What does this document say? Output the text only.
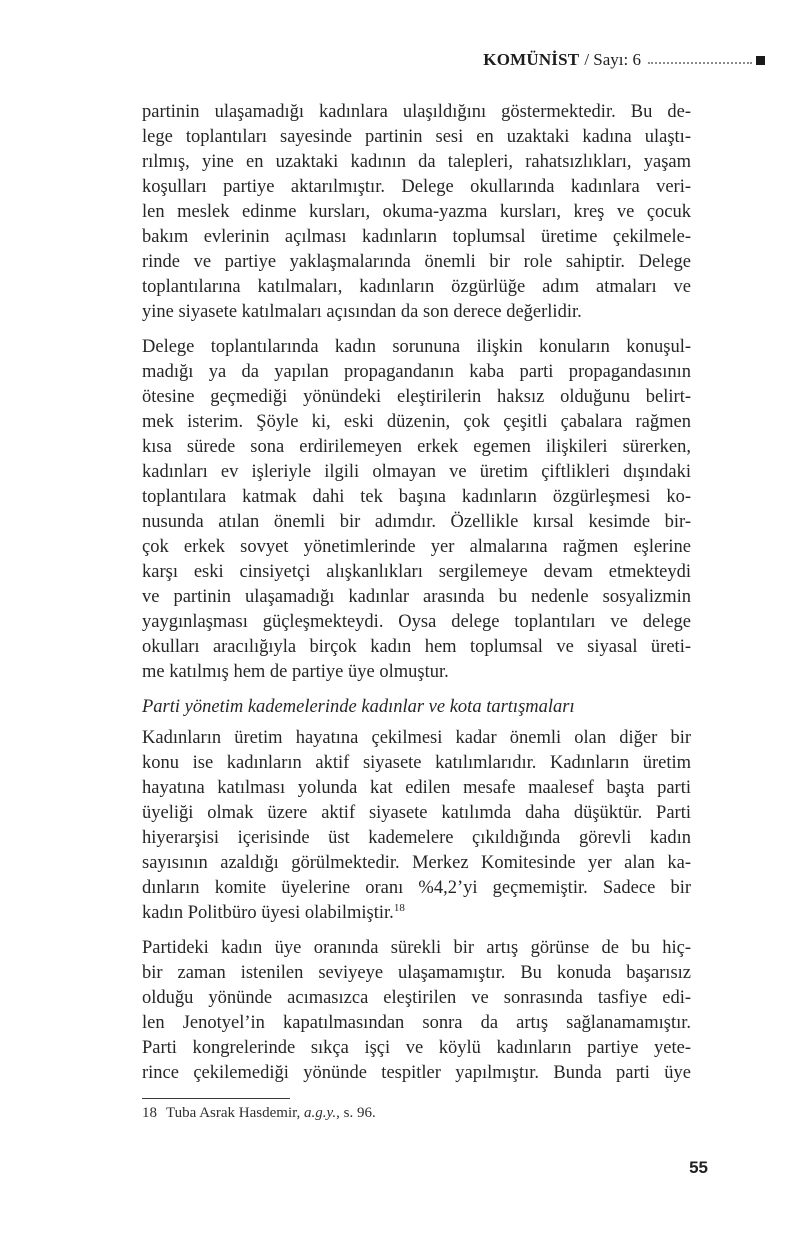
KOMÜNİST / Sayı: 6
partinin ulaşamadığı kadınlara ulaşıldığını göstermektedir. Bu de-
lege toplantıları sayesinde partinin sesi en uzaktaki kadına ulaştı-
rılmış, yine en uzaktaki kadının da talepleri, rahatsızlıkları, yaşam
koşulları partiye aktarılmıştır. Delege okullarında kadınlara veri-
len meslek edinme kursları, okuma-yazma kursları, kreş ve çocuk
bakım evlerinin açılması kadınların toplumsal üretime çekilmele-
rinde ve partiye yaklaşmalarında önemli bir role sahiptir. Delege
toplantılarına katılmaları, kadınların özgürlüğe adım atmaları ve
yine siyasete katılmaları açısından da son derece değerlidir.
Delege toplantılarında kadın sorununa ilişkin konuların konuşul-
madığı ya da yapılan propagandanın kaba parti propagandasının
ötesine geçmediği yönündeki eleştirilerin haksız olduğunu belirt-
mek isterim. Şöyle ki, eski düzenin, çok çeşitli çabalara rağmen
kısa sürede sona erdirilemeyen erkek egemen ilişkileri sürerken,
kadınları ev işleriyle ilgili olmayan ve üretim çiftlikleri dışındaki
toplantılara katmak dahi tek başına kadınların özgürleşmesi ko-
nusunda atılan önemli bir adımdır. Özellikle kırsal kesimde bir-
çok erkek sovyet yönetimlerinde yer almalarına rağmen eşlerine
karşı eski cinsiyetçi alışkanlıkları sergilemeye devam etmekteydi
ve partinin ulaşamadığı kadınlar arasında bu nedenle sosyalizmin
yaygınlaşması güçleşmekteydi. Oysa delege toplantıları ve delege
okulları aracılığıyla birçok kadın hem toplumsal ve siyasal üreti-
me katılmış hem de partiye üye olmuştur.
Parti yönetim kademelerinde kadınlar ve kota tartışmaları
Kadınların üretim hayatına çekilmesi kadar önemli olan diğer bir
konu ise kadınların aktif siyasete katılımlarıdır. Kadınların üretim
hayatına katılması yolunda kat edilen mesafe maalesef başta parti
üyeliği olmak üzere aktif siyasete katılımda daha düşüktür. Parti
hiyerarşisi içerisinde üst kademelere çıkıldığında görevli kadın
sayısının azaldığı görülmektedir. Merkez Komitesinde yer alan ka-
dınların komite üyelerine oranı %4,2’yi geçmemiştir. Sadece bir
kadın Politbüro üyesi olabilmiştir.$^{18}$
Partideki kadın üye oranında sürekli bir artış görünse de bu hiç-
bir zaman istenilen seviyeye ulaşamamıştır. Bu konuda başarısız
olduğu yönünde acımasızca eleştirilen ve sonrasında tasfiye edi-
len Jenotyel’in kapatılmasından sonra da artış sağlanamamıştır.
Parti kongrelerinde sıkça işçi ve köylü kadınların partiye yete-
rince çekilemediği yönünde tespitler yapılmıştır. Bunda parti üye
18 Tuba Asrak Hasdemir, a.g.y., s. 96.
55
